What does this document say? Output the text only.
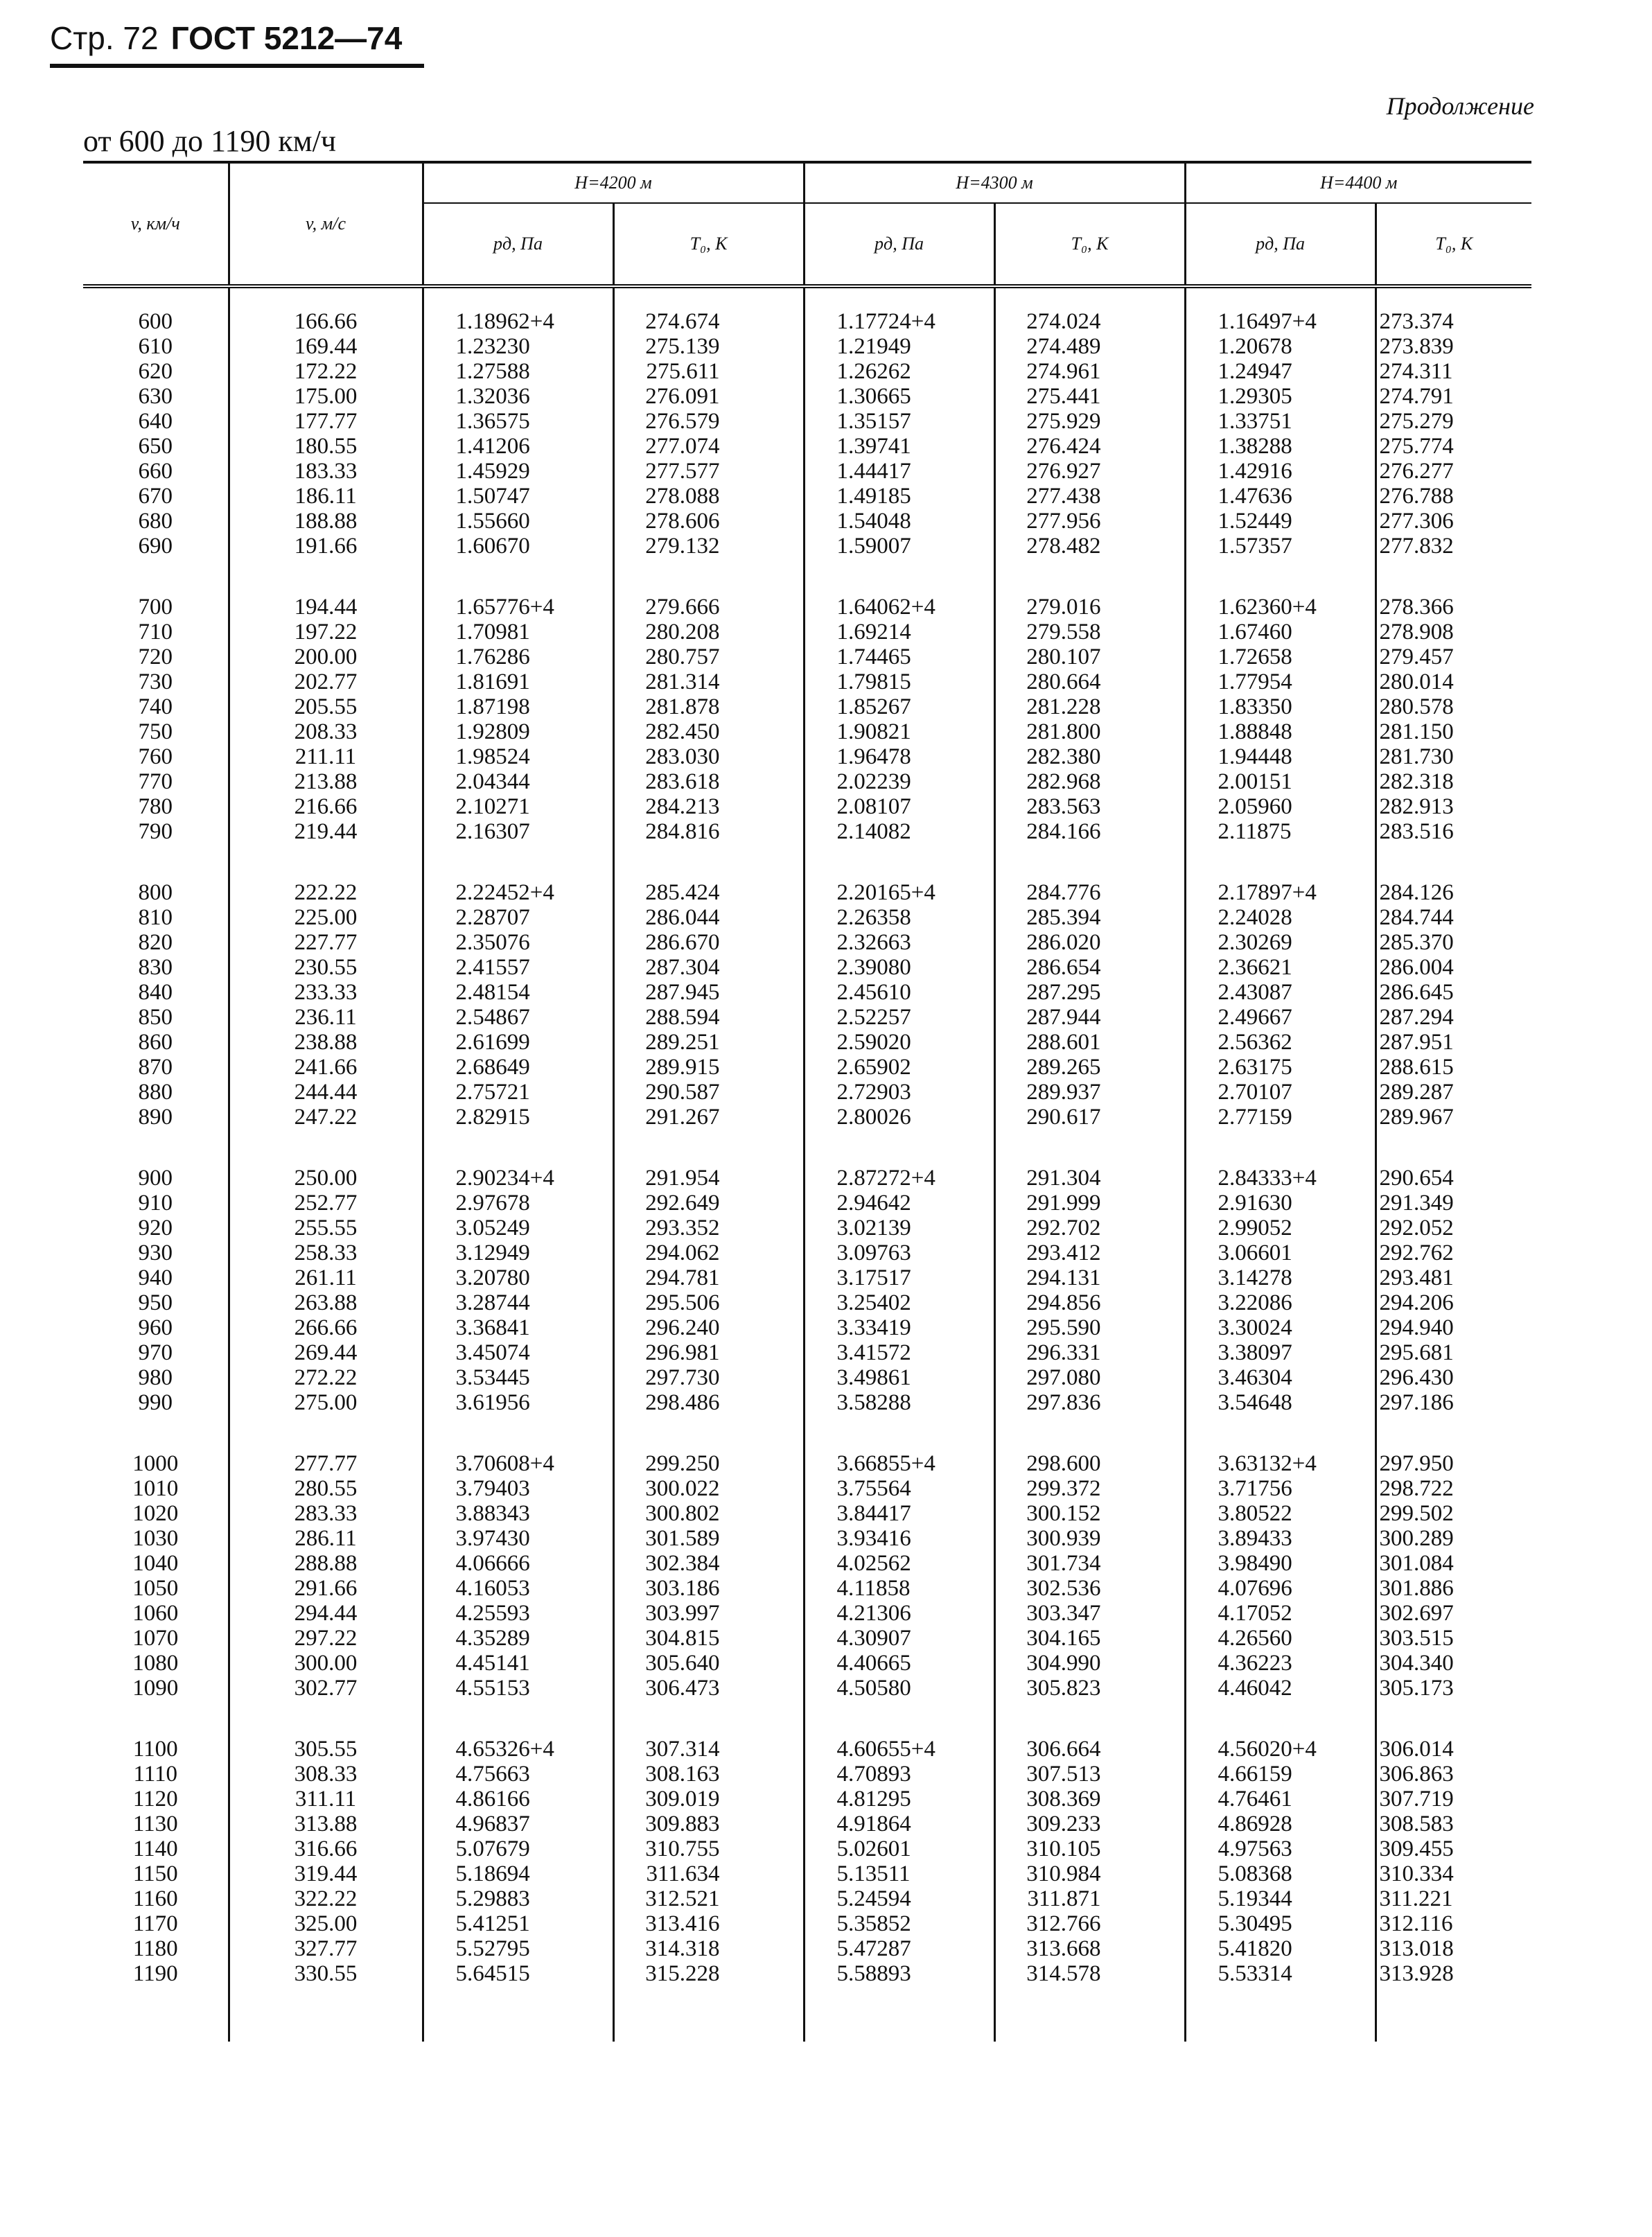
Стр. 72 ГОСТ 5212—74
Продолжение
от 600 до 1190 км/ч
v, км/ч	v, м/с	H=4200 м		H=4300 м		H=4400 м	
		pд, Па	T₀, К	pд, Па	T₀, К	pд, Па	T₀, К

600	166.66	1.18962+4	274.674	1.17724+4	274.024	1.16497+4	273.374
610	169.44	1.23230	275.139	1.21949	274.489	1.20678	273.839
620	172.22	1.27588	275.611	1.26262	274.961	1.24947	274.311
630	175.00	1.32036	276.091	1.30665	275.441	1.29305	274.791
640	177.77	1.36575	276.579	1.35157	275.929	1.33751	275.279
650	180.55	1.41206	277.074	1.39741	276.424	1.38288	275.774
660	183.33	1.45929	277.577	1.44417	276.927	1.42916	276.277
670	186.11	1.50747	278.088	1.49185	277.438	1.47636	276.788
680	188.88	1.55660	278.606	1.54048	277.956	1.52449	277.306
690	191.66	1.60670	279.132	1.59007	278.482	1.57357	277.832

700	194.44	1.65776+4	279.666	1.64062+4	279.016	1.62360+4	278.366
710	197.22	1.70981	280.208	1.69214	279.558	1.67460	278.908
720	200.00	1.76286	280.757	1.74465	280.107	1.72658	279.457
730	202.77	1.81691	281.314	1.79815	280.664	1.77954	280.014
740	205.55	1.87198	281.878	1.85267	281.228	1.83350	280.578
750	208.33	1.92809	282.450	1.90821	281.800	1.88848	281.150
760	211.11	1.98524	283.030	1.96478	282.380	1.94448	281.730
770	213.88	2.04344	283.618	2.02239	282.968	2.00151	282.318
780	216.66	2.10271	284.213	2.08107	283.563	2.05960	282.913
790	219.44	2.16307	284.816	2.14082	284.166	2.11875	283.516

800	222.22	2.22452+4	285.424	2.20165+4	284.776	2.17897+4	284.126
810	225.00	2.28707	286.044	2.26358	285.394	2.24028	284.744
820	227.77	2.35076	286.670	2.32663	286.020	2.30269	285.370
830	230.55	2.41557	287.304	2.39080	286.654	2.36621	286.004
840	233.33	2.48154	287.945	2.45610	287.295	2.43087	286.645
850	236.11	2.54867	288.594	2.52257	287.944	2.49667	287.294
860	238.88	2.61699	289.251	2.59020	288.601	2.56362	287.951
870	241.66	2.68649	289.915	2.65902	289.265	2.63175	288.615
880	244.44	2.75721	290.587	2.72903	289.937	2.70107	289.287
890	247.22	2.82915	291.267	2.80026	290.617	2.77159	289.967

900	250.00	2.90234+4	291.954	2.87272+4	291.304	2.84333+4	290.654
910	252.77	2.97678	292.649	2.94642	291.999	2.91630	291.349
920	255.55	3.05249	293.352	3.02139	292.702	2.99052	292.052
930	258.33	3.12949	294.062	3.09763	293.412	3.06601	292.762
940	261.11	3.20780	294.781	3.17517	294.131	3.14278	293.481
950	263.88	3.28744	295.506	3.25402	294.856	3.22086	294.206
960	266.66	3.36841	296.240	3.33419	295.590	3.30024	294.940
970	269.44	3.45074	296.981	3.41572	296.331	3.38097	295.681
980	272.22	3.53445	297.730	3.49861	297.080	3.46304	296.430
990	275.00	3.61956	298.486	3.58288	297.836	3.54648	297.186

1000	277.77	3.70608+4	299.250	3.66855+4	298.600	3.63132+4	297.950
1010	280.55	3.79403	300.022	3.75564	299.372	3.71756	298.722
1020	283.33	3.88343	300.802	3.84417	300.152	3.80522	299.502
1030	286.11	3.97430	301.589	3.93416	300.939	3.89433	300.289
1040	288.88	4.06666	302.384	4.02562	301.734	3.98490	301.084
1050	291.66	4.16053	303.186	4.11858	302.536	4.07696	301.886
1060	294.44	4.25593	303.997	4.21306	303.347	4.17052	302.697
1070	297.22	4.35289	304.815	4.30907	304.165	4.26560	303.515
1080	300.00	4.45141	305.640	4.40665	304.990	4.36223	304.340
1090	302.77	4.55153	306.473	4.50580	305.823	4.46042	305.173

1100	305.55	4.65326+4	307.314	4.60655+4	306.664	4.56020+4	306.014
1110	308.33	4.75663	308.163	4.70893	307.513	4.66159	306.863
1120	311.11	4.86166	309.019	4.81295	308.369	4.76461	307.719
1130	313.88	4.96837	309.883	4.91864	309.233	4.86928	308.583
1140	316.66	5.07679	310.755	5.02601	310.105	4.97563	309.455
1150	319.44	5.18694	311.634	5.13511	310.984	5.08368	310.334
1160	322.22	5.29883	312.521	5.24594	311.871	5.19344	311.221
1170	325.00	5.41251	313.416	5.35852	312.766	5.30495	312.116
1180	327.77	5.52795	314.318	5.47287	313.668	5.41820	313.018
1190	330.55	5.64515	315.228	5.58893	314.578	5.53314	313.928
